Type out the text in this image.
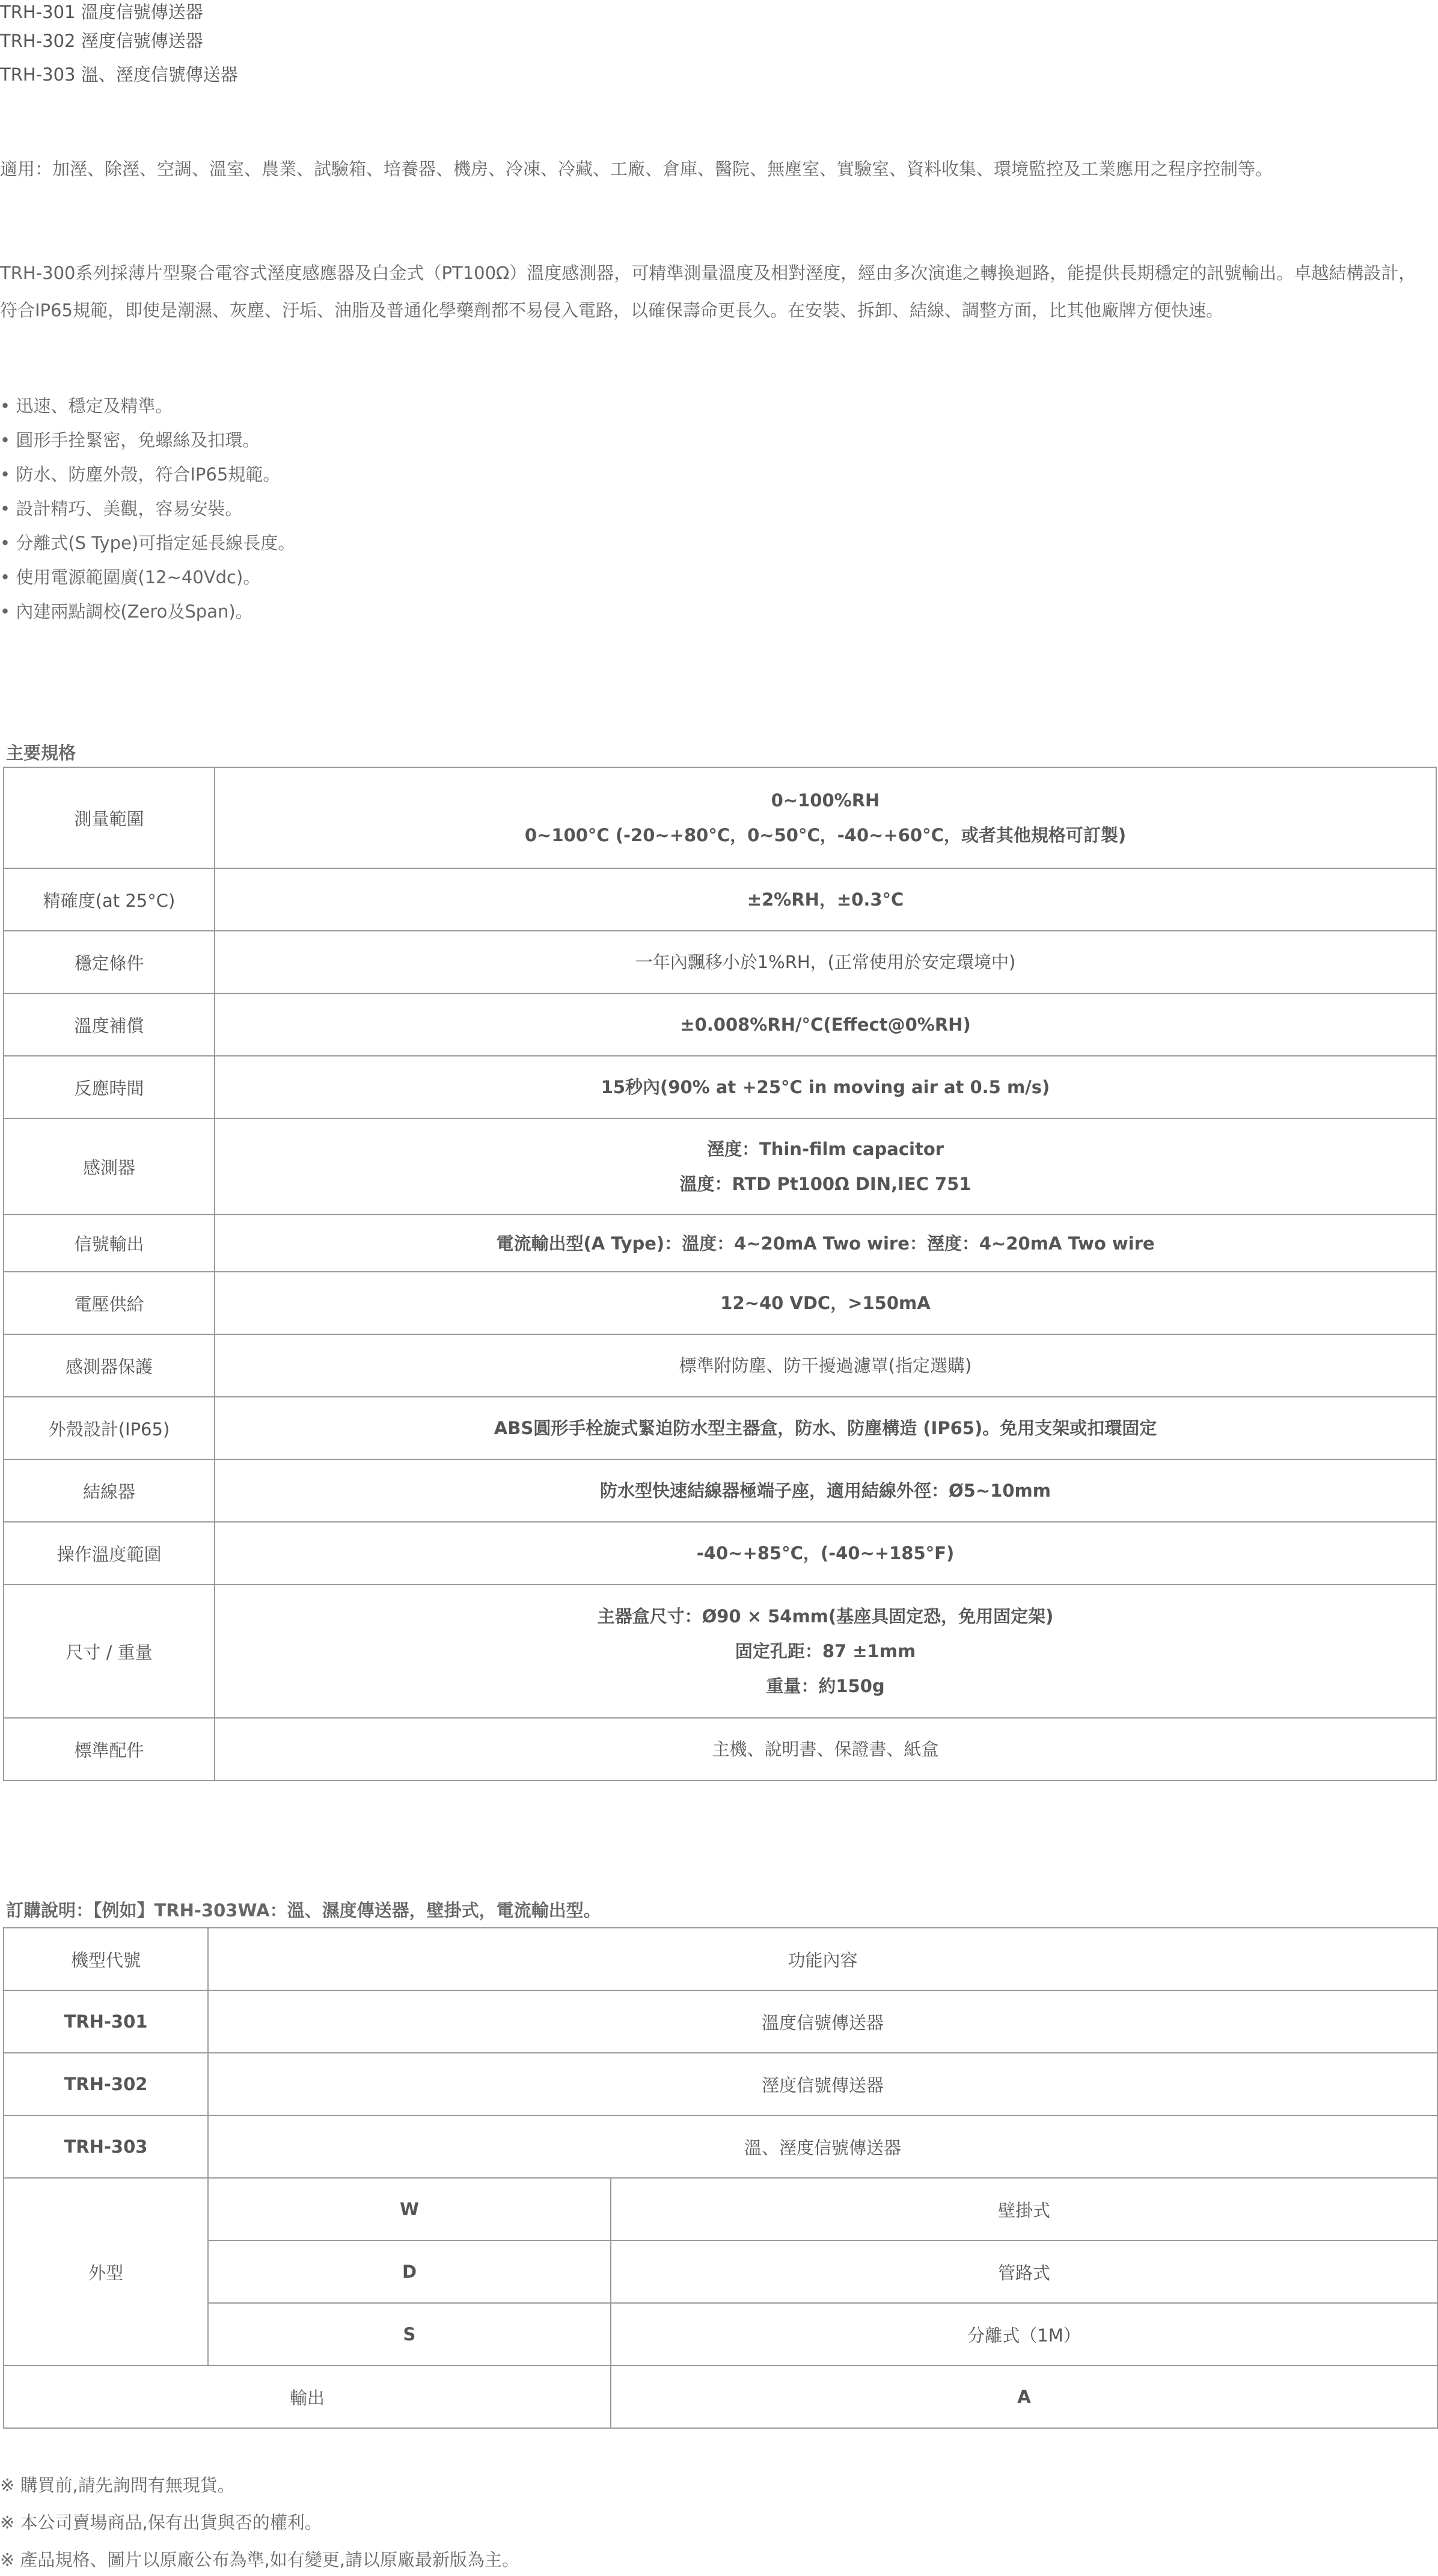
TRH-301 溫度信號傳送器
TRH-302 溼度信號傳送器
TRH-303 溫、溼度信號傳送器
適用：加溼、除溼、空調、溫室、農業、試驗箱、培養器、機房、冷凍、冷藏、工廠、倉庫、醫院、無塵室、實驗室、資料收集、環境監控及工業應用之程序控制等。
TRH-300系列採薄片型聚合電容式溼度感應器及白金式（PT100Ω）溫度感測器，可精準測量溫度及相對溼度，經由多次演進之轉換迴路，能提供長期穩定的訊號輸出。卓越結構設計，符合IP65規範，即使是潮濕、灰塵、汙垢、油脂及普通化學藥劑都不易侵入電路，以確保壽命更長久。在安裝、拆卸、結線、調整方面，比其他廠牌方便快速。
• 迅速、穩定及精準。
• 圓形手拴緊密，免螺絲及扣環。
• 防水、防塵外殼，符合IP65規範。
• 設計精巧、美觀，容易安裝。
• 分離式(S Type)可指定延長線長度。
• 使用電源範圍廣(12~40Vdc)。
• 內建兩點調校(Zero及Span)。
主要規格
測量範圍	0~100%RH
0~100°C (-20~+80°C，0~50°C，-40~+60°C，或者其他規格可訂製)

精確度(at 25°C)	±2%RH，±0.3°C
穩定條件	一年內飄移小於1%RH，(正常使用於安定環境中)
溫度補償	±0.008%RH/°C(Effect@0%RH)
反應時間	15秒內(90% at +25°C in moving air at 0.5 m/s)
感測器	溼度：Thin-film capacitor
溫度：RTD Pt100Ω DIN,IEC 751

信號輸出	電流輸出型(A Type)：溫度：4~20mA Two wire：溼度：4~20mA Two wire
電壓供給	12~40 VDC，>150mA
感測器保護	標準附防塵、防干擾過濾罩(指定選購)
外殼設計(IP65)	ABS圓形手栓旋式緊迫防水型主器盒，防水、防塵構造 (IP65)。免用支架或扣環固定
結線器	防水型快速結線器極端子座，適用結線外徑：Ø5~10mm
操作溫度範圍	-40~+85°C，(-40~+185°F)
尺寸 / 重量	主器盒尺寸：Ø90 × 54mm(基座具固定恐，免用固定架)
固定孔距：87 ±1mm
重量：約150g

標準配件	主機、說明書、保證書、紙盒
訂購說明：【例如】TRH-303WA：溫、濕度傳送器，壁掛式，電流輸出型。
機型代號	功能內容	
TRH-301	溫度信號傳送器	
TRH-302	溼度信號傳送器	
TRH-303	溫、溼度信號傳送器	
外型	W	壁掛式
	D	管路式
	S	分離式（1M）
輸出		A
※ 購買前,請先詢問有無現貨。
※ 本公司賣場商品,保有出貨與否的權利。
※ 產品規格、圖片以原廠公布為準,如有變更,請以原廠最新版為主。
